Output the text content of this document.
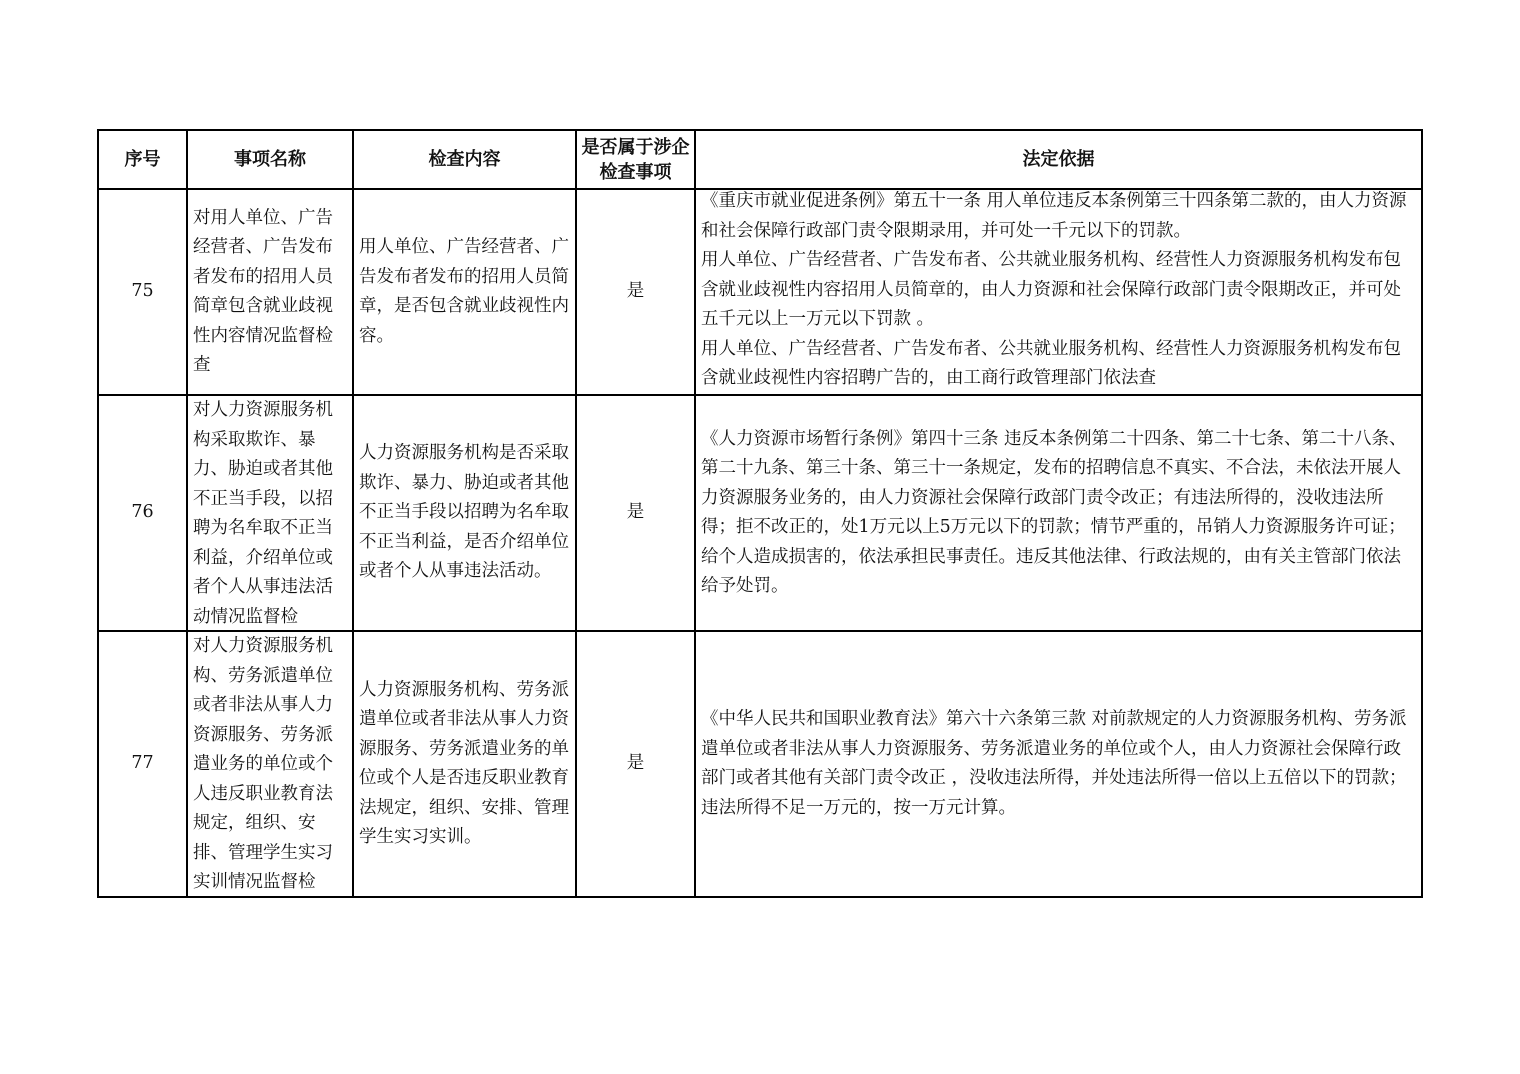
序号	事项名称	检查内容	是否属于涉企检查事项	法定依据
75	对用人单位、广告经营者、广告发布者发布的招用人员简章包含就业歧视性内容情况监督检查	用人单位、广告经营者、广告发布者发布的招用人员简章，是否包含就业歧视性内容。	是	《重庆市就业促进条例》第五十一条 用人单位违反本条例第三十四条第二款的，由人力资源和社会保障行政部门责令限期录用，并可处一千元以下的罚款。
用人单位、广告经营者、广告发布者、公共就业服务机构、经营性人力资源服务机构发布包含就业歧视性内容招用人员简章的，由人力资源和社会保障行政部门责令限期改正，并可处五千元以上一万元以下罚款 。
用人单位、广告经营者、广告发布者、公共就业服务机构、经营性人力资源服务机构发布包含就业歧视性内容招聘广告的，由工商行政管理部门依法查

76	对人力资源服务机构采取欺诈、暴力、胁迫或者其他不正当手段，以招聘为名牟取不正当利益，介绍单位或者个人从事违法活动情况监督检	人力资源服务机构是否采取欺诈、暴力、胁迫或者其他不正当手段以招聘为名牟取不正当利益，是否介绍单位或者个人从事违法活动。	是	《人力资源市场暂行条例》第四十三条 违反本条例第二十四条、第二十七条、第二十八条、第二十九条、第三十条、第三十一条规定，发布的招聘信息不真实、不合法，未依法开展人力资源服务业务的，由人力资源社会保障行政部门责令改正；有违法所得的，没收违法所得；拒不改正的，处1万元以上5万元以下的罚款；情节严重的，吊销人力资源服务许可证；给个人造成损害的，依法承担民事责任。违反其他法律、行政法规的，由有关主管部门依法给予处罚。

77	对人力资源服务机构、劳务派遣单位或者非法从事人力资源服务、劳务派遣业务的单位或个人违反职业教育法规定，组织、安排、管理学生实习实训情况监督检	人力资源服务机构、劳务派遣单位或者非法从事人力资源服务、劳务派遣业务的单位或个人是否违反职业教育法规定，组织、安排、管理学生实习实训。	是	《中华人民共和国职业教育法》第六十六条第三款 对前款规定的人力资源服务机构、劳务派遣单位或者非法从事人力资源服务、劳务派遣业务的单位或个人，由人力资源社会保障行政部门或者其他有关部门责令改正 ，没收违法所得，并处违法所得一倍以上五倍以下的罚款；违法所得不足一万元的，按一万元计算。
